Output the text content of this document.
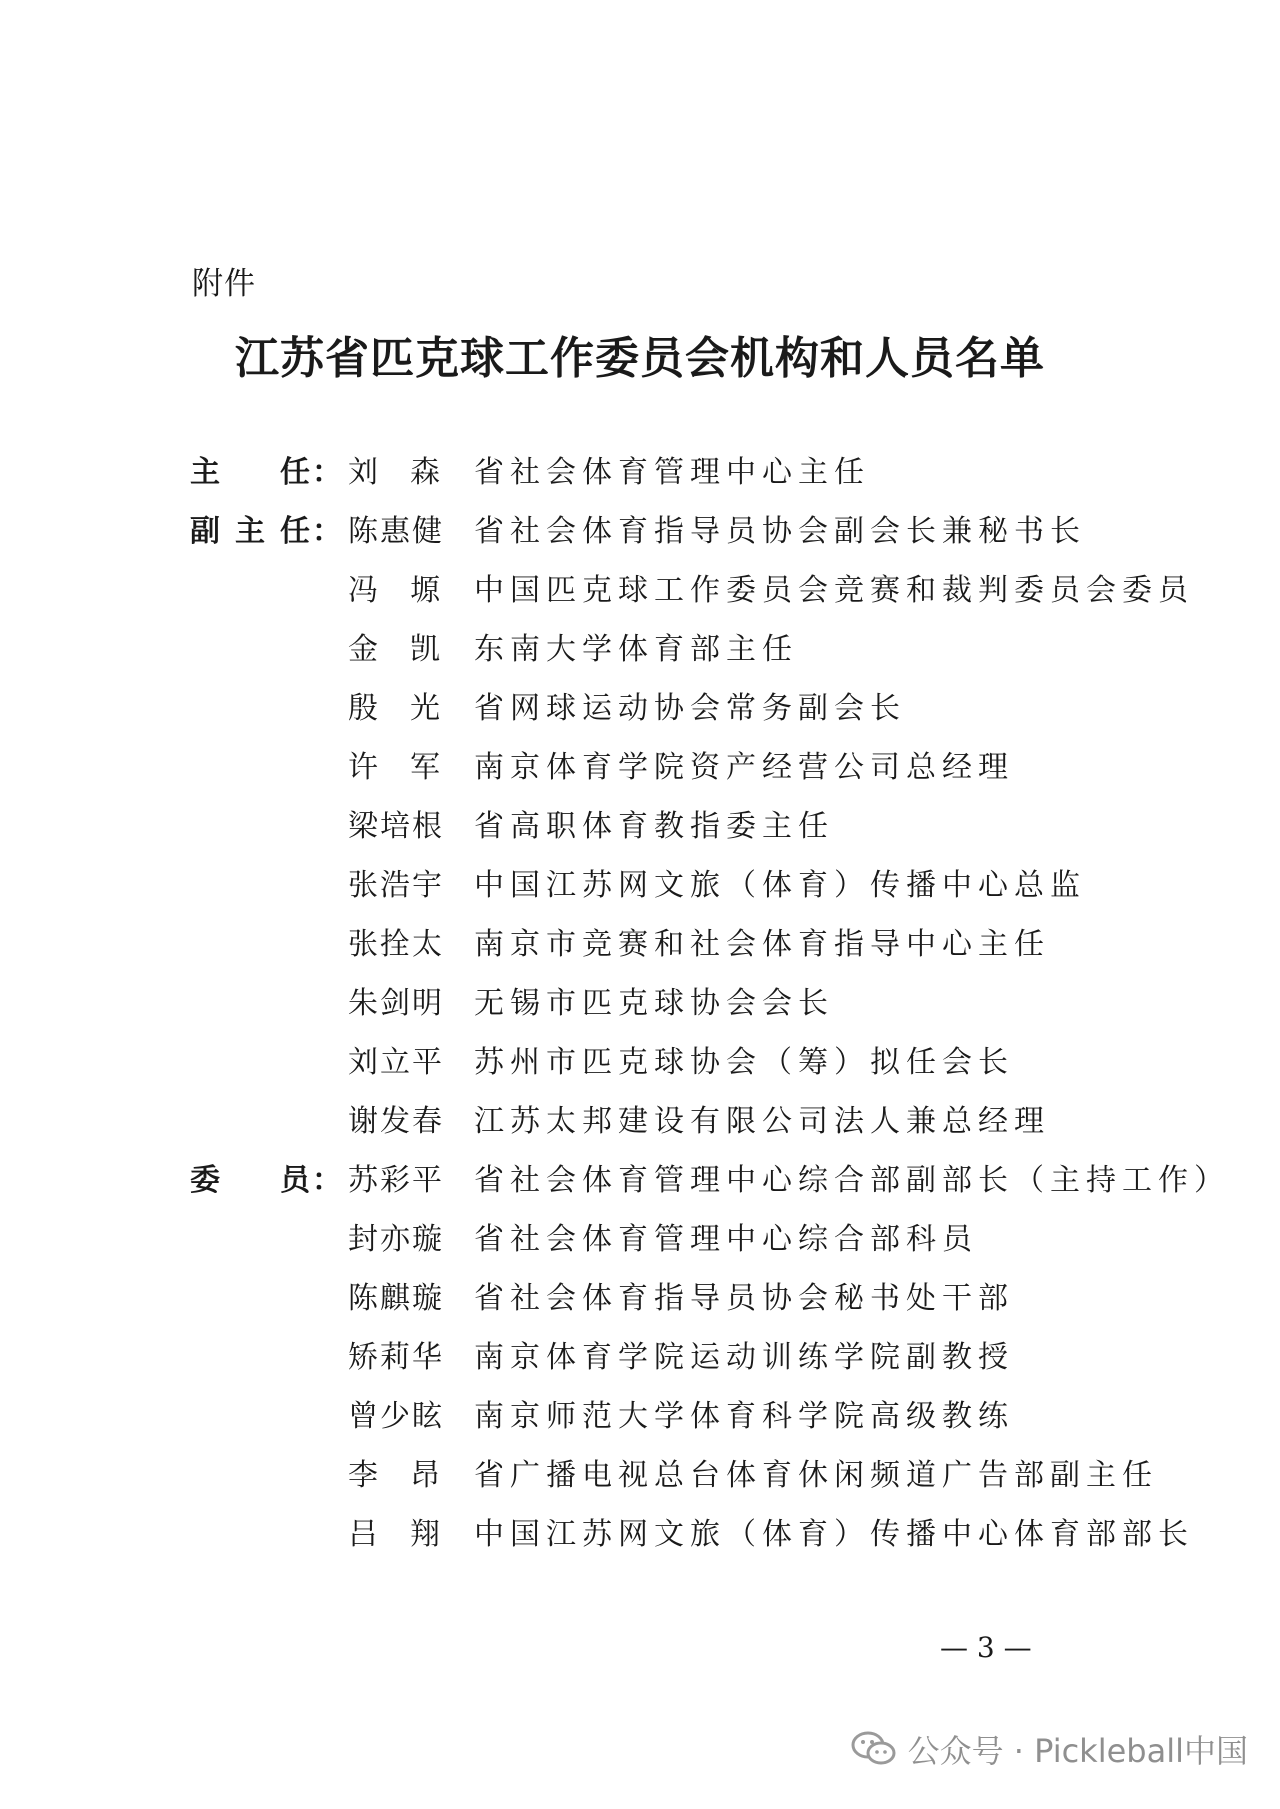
附件
江苏省匹克球工作委员会机构和人员名单
主任 ： 刘森 省社会体育管理中心主任
副主任 ： 陈惠健 省社会体育指导员协会副会长兼秘书长
冯塬 中国匹克球工作委员会竞赛和裁判委员会委员
金凯 东南大学体育部主任
殷光 省网球运动协会常务副会长
许军 南京体育学院资产经营公司总经理
梁培根 省高职体育教指委主任
张浩宇 中国江苏网文旅（体育）传播中心总监
张拴太 南京市竞赛和社会体育指导中心主任
朱剑明 无锡市匹克球协会会长
刘立平 苏州市匹克球协会（筹）拟任会长
谢发春 江苏太邦建设有限公司法人兼总经理
委员 ： 苏彩平 省社会体育管理中心综合部副部长（主持工作）
封亦璇 省社会体育管理中心综合部科员
陈麒璇 省社会体育指导员协会秘书处干部
矫莉华 南京体育学院运动训练学院副教授
曾少眩 南京师范大学体育科学院高级教练
李昂 省广播电视总台体育休闲频道广告部副主任
吕翔 中国江苏网文旅（体育）传播中心体育部部长
— 3 —
公众号 · Pickleball中国
